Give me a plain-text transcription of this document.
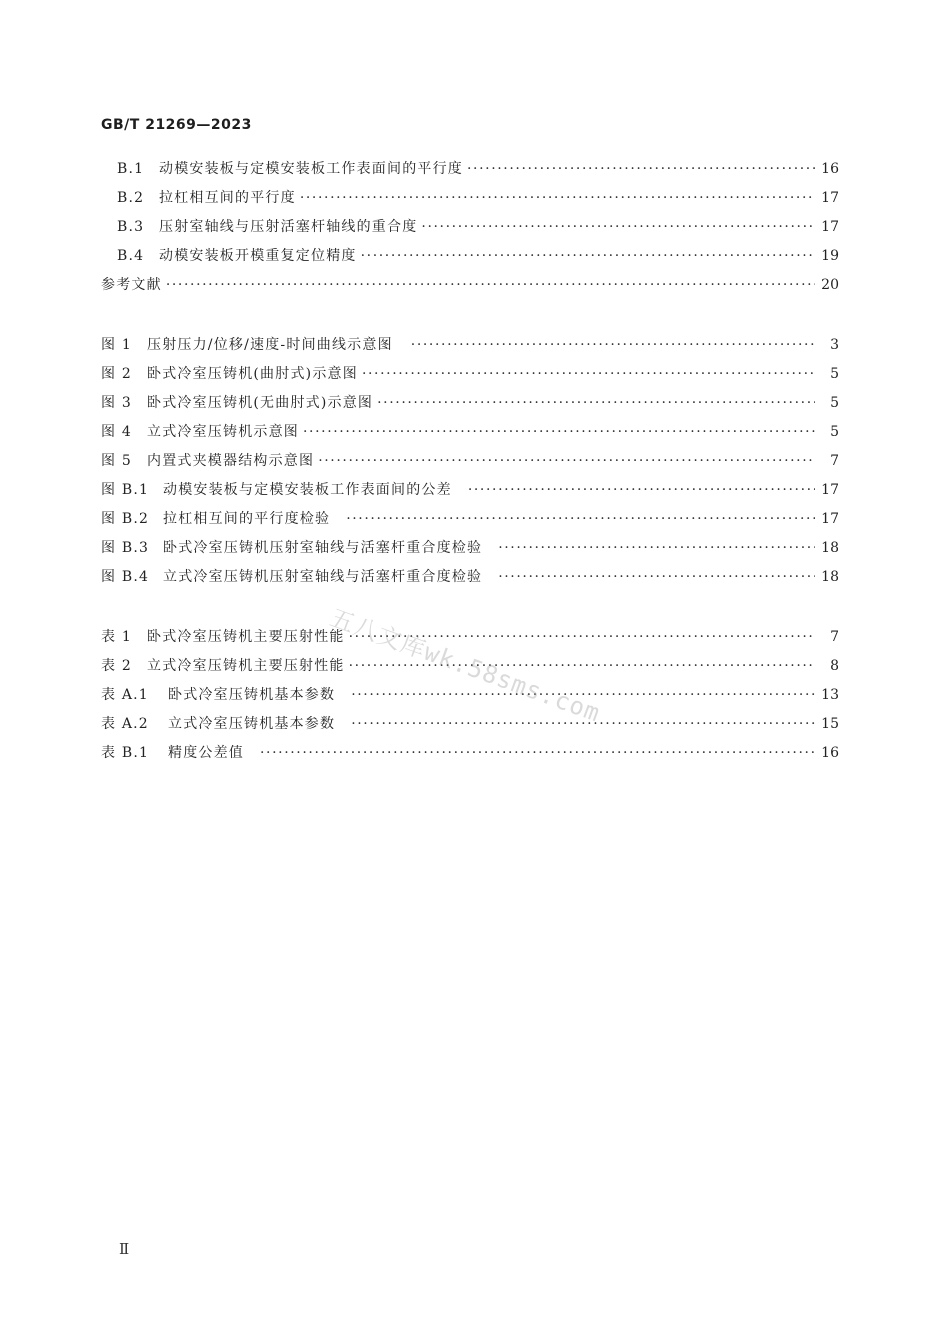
GB/T 21269—2023
B.1	动模安装板与定模安装板工作表面间的平行度 ·····	16
B.2	拉杠相互间的平行度 ·····	17
B.3	压射室轴线与压射活塞杆轴线的重合度 ·····	17
B.4	动模安装板开模重复定位精度 ·····	19
参考文献 ·····	20
图 1	压射压力/位移/速度-时间曲线示意图 ·····	3
图 2	卧式冷室压铸机(曲肘式)示意图 ·····	5
图 3	卧式冷室压铸机(无曲肘式)示意图 ·····	5
图 4	立式冷室压铸机示意图 ·····	5
图 5	内置式夹模器结构示意图 ·····	7
图 B.1 动模安装板与定模安装板工作表面间的公差 ·····	17
图 B.2 拉杠相互间的平行度检验 ·····	17
图 B.3 卧式冷室压铸机压射室轴线与活塞杆重合度检验 ·····	18
图 B.4 立式冷室压铸机压射室轴线与活塞杆重合度检验 ·····	18
表 1	卧式冷室压铸机主要压射性能 ·····	7
表 2	立式冷室压铸机主要压射性能 ·····	8
表 A.1	卧式冷室压铸机基本参数 ·····	13
表 A.2	立式冷室压铸机基本参数 ·····	15
表 B.1	精度公差值 ·····	16
五八文库wk.58sms.com
Ⅱ
